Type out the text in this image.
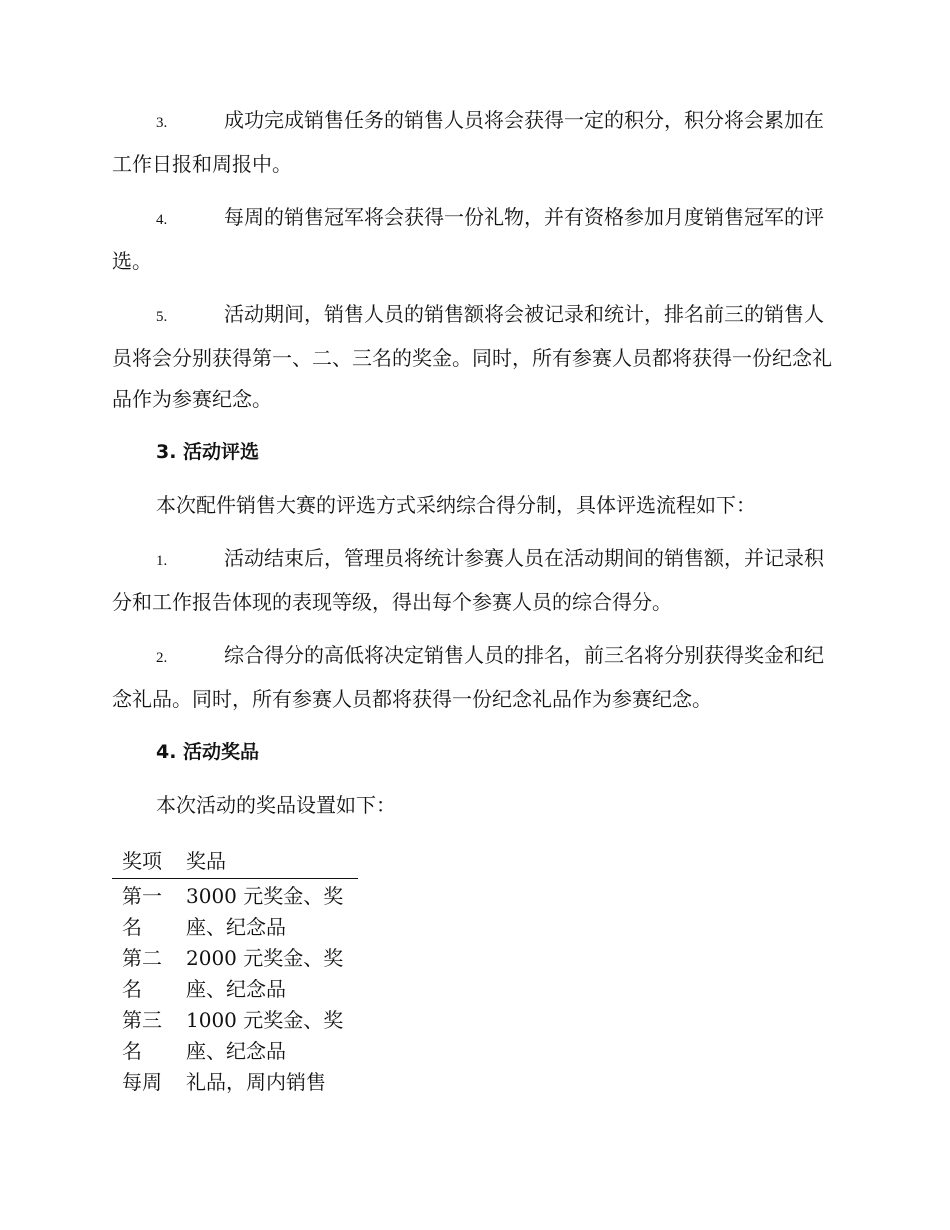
3.	成功完成销售任务的销售人员将会获得一定的积分，积分将会累加在工作日报和周报中。
4.	每周的销售冠军将会获得一份礼物，并有资格参加月度销售冠军的评选。
5.	活动期间，销售人员的销售额将会被记录和统计，排名前三的销售人员将会分别获得第一、二、三名的奖金。同时，所有参赛人员都将获得一份纪念礼品作为参赛纪念。
3. 活动评选
本次配件销售大赛的评选方式采纳综合得分制，具体评选流程如下：
1.	活动结束后，管理员将统计参赛人员在活动期间的销售额，并记录积分和工作报告体现的表现等级，得出每个参赛人员的综合得分。
2.	综合得分的高低将决定销售人员的排名，前三名将分别获得奖金和纪念礼品。同时，所有参赛人员都将获得一份纪念礼品作为参赛纪念。
4. 活动奖品
本次活动的奖品设置如下：
奖项	奖品
第一名	3000 元奖金、奖座、纪念品
第二名	2000 元奖金、奖座、纪念品
第三名	1000 元奖金、奖座、纪念品
每周	礼品，周内销售
